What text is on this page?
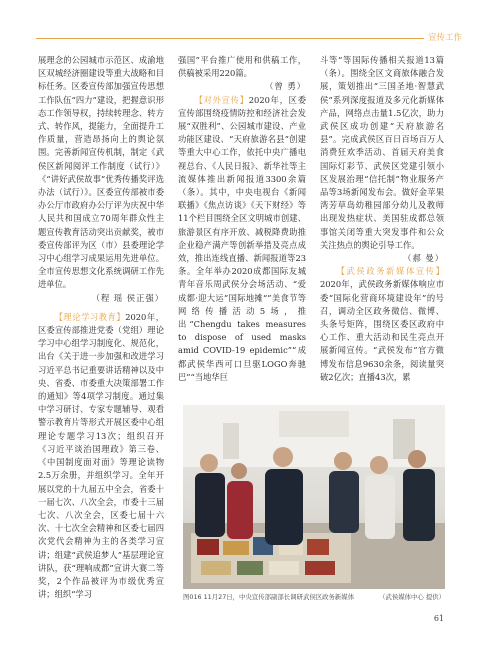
宣传工作

展理念的公园城市示范区、成渝地区双城经济圈建设等重大战略和目标任务。区委宣传部加强宣传思想工作队伍“四力”建设，把握意识形态工作领导权，持续转理念、转方式、转作风，提能力，全面提升工作质量，营造昂扬向上的舆论氛围。完善新闻宣传机制，制定《武侯区新闻阅评工作制度（试行）》《“讲好武侯故事”优秀传播奖评选办法（试行）》。区委宣传部被市委办公厅市政府办公厅评为庆祝中华人民共和国成立70周年群众性主题宣传教育活动突出贡献奖，被市委宣传部评为区（市）县委理论学习中心组学习成果运用先进单位。全市宣传思想文化系统调研工作先进单位。

（程 瑶 侯正强）

【理论学习教育】2020年，区委宣传部推进党委（党组）理论学习中心组学习制度化、规范化，出台《关于进一步加强和改进学习习近平总书记重要讲话精神以及中央、省委、市委重大决策部署工作的通知》等4项学习制度。通过集中学习研讨、专家专题辅导、观看警示教育片等形式开展区委中心组理论专题学习13次；组织召开《习近平谈治国理政》第三卷、《中国制度面对面》等理论读物2.5万余册，并组织学习。全年开展以党的十九届五中全会，省委十一届七次、八次全会，市委十三届七次、八次全会，区委七届十六次、十七次全会精神和区委七届四次党代会精神为主的各类学习宣讲；组建“武侯追梦人”基层理论宣讲队，获“理响成都”宣讲大赛二等奖，2个作品被评为市级优秀宣讲；组织“学习

强国”平台推广使用和供稿工作，供稿被采用220篇。

（曾 勇）

【对外宣传】2020年，区委宣传部围绕疫情防控和经济社会发展“双胜利”、公园城市建设、产业功能区建设、“天府旅游名县”创建等重大中心工作，依托中央广播电视总台、《人民日报》、新华社等主流媒体推出新闻报道3300余篇（条）。其中，中央电视台《新闻联播》《焦点访谈》《天下财经》等11个栏目围绕全区文明城市创建、旅游景区有序开放、减税降费助推企业稳产满产等创新举措及亮点成效，推出连线直播、新闻报道等23条。全年举办2020成都国际友城青年音乐周武侯分会场活动、“爱成都·迎大运”国际地摊“”美食节等网络传播活动5场，推出“Chengdu takes measures to dispose of used masks amid COVID-19 epidemic”“成都武侯华西可口旦驱LOGO奔驰巴”“当地华巨

斗等”等国际传播相关报道13篇（条）。围绕全区文商旅体融合发展，策划推出“三国圣地·智慧武侯”系列深度报道及多元化新媒体产品，网络点击量1.5亿次，助力武侯区成功创建“天府旅游名县”。完成武侯区百日百场百万人消费狂欢季活动、首届天府美食国际灯彩节、武侯区党建引领小区发展治理“信托制”物业服务产品等3场新闻发布会。做好金苹果湾芳草岛幼稚园部分幼儿及教师出现发热症状、美国驻成都总领事馆关闭等重大突发事件和公众关注热点的舆论引导工作。

（郝 曼）

【武侯政务新媒体宣传】2020年，武侯政务新媒体响应市委“国际化营商环境建设年”的号召，调动全区政务微信、微博、头条号矩阵，围绕区委区政府中心工作、重大活动和民生亮点开展新闻宣传。“武侯发布”官方微博发布信息9630余条，阅读量突破2亿次；直播43次，累

图016 11月27日，中央宣传部副部长调研武侯区政务新媒体	（武侯媒体中心 提供）
61
